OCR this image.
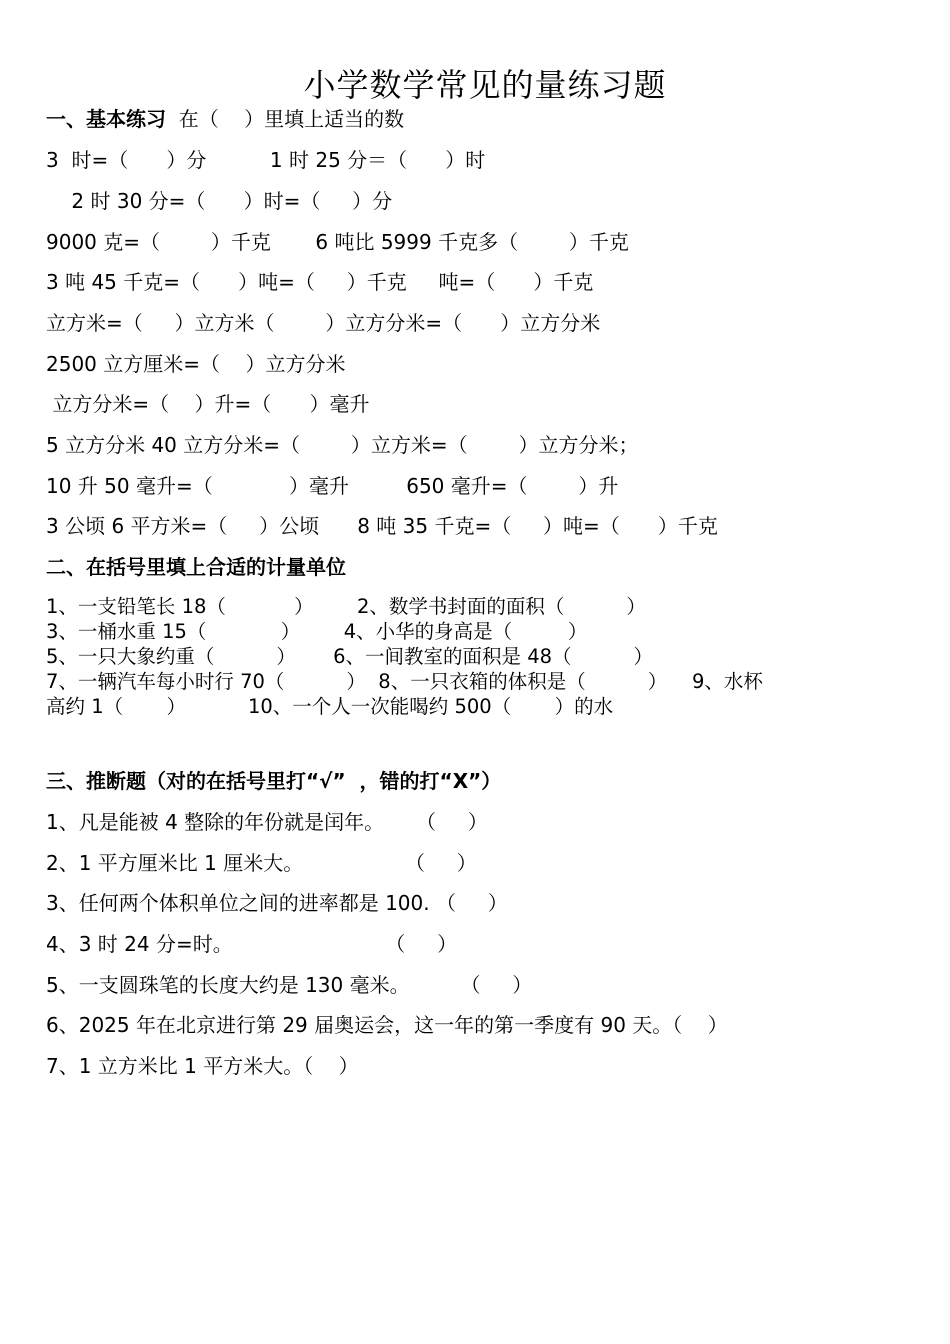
小学数学常见的量练习题
一、基本练习  在（    ）里填上适当的数
3  时=（      ）分          1 时 25 分＝（      ）时
2 时 30 分=（      ）时=（     ）分
9000 克=（        ）千克       6 吨比 5999 千克多（        ）千克
3 吨 45 千克=（      ）吨=（     ）千克     吨=（      ）千克
立方米=（     ）立方米（        ）立方分米=（      ）立方分米
2500 立方厘米=（    ）立方分米
立方分米=（    ）升=（      ）毫升
5 立方分米 40 立方分米=（        ）立方米=（        ）立方分米；
10 升 50 毫升=（            ）毫升         650 毫升=（        ）升
3 公顷 6 平方米=（     ）公顷      8 吨 35 千克=（     ）吨=（      ）千克
二、在括号里填上合适的计量单位
1、一支铅笔长 18（           ）       2、数学书封面的面积（          ）
3、一桶水重 15（            ）       4、小华的身高是（         ）
5、一只大象约重（          ）      6、一间教室的面积是 48（          ）
7、一辆汽车每小时行 70（          ）  8、一只衣箱的体积是（          ）    9、水杯
高约 1（       ）          10、一个人一次能喝约 500（       ）的水
三、推断题（对的在括号里打“√”  ，错的打“X”）
1、凡是能被 4 整除的年份就是闰年。     （     ）
2、1 平方厘米比 1 厘米大。                （     ）
3、任何两个体积单位之间的进率都是 100. （     ）
4、3 时 24 分=时。                        （     ）
5、一支圆珠笔的长度大约是 130 毫米。        （     ）
6、2025 年在北京进行第 29 届奥运会，这一年的第一季度有 90 天。（    ）
7、1 立方米比 1 平方米大。（    ）
